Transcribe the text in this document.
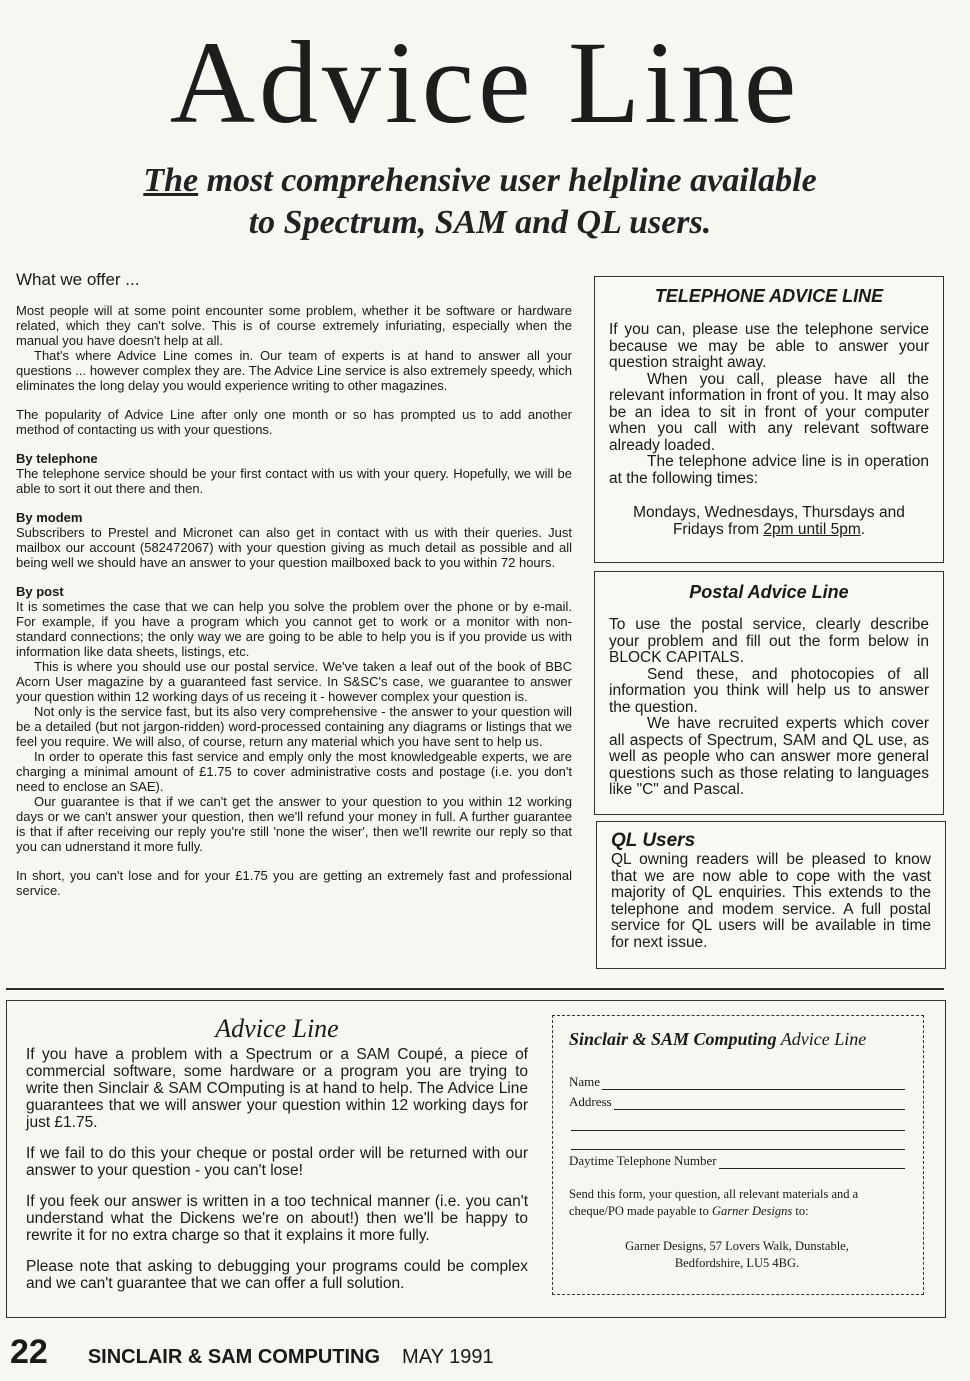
Advice Line
The most comprehensive user helpline available
to Spectrum, SAM and QL users.
What we offer ...

Most people will at some point encounter some problem, whether it be software or hardware related, which they can't solve. This is of course extremely infuriating, especially when the manual you have doesn't help at all.

That's where Advice Line comes in. Our team of experts is at hand to answer all your questions ... however complex they are. The Advice Line service is also extremely speedy, which eliminates the long delay you would experience writing to other magazines.

The popularity of Advice Line after only one month or so has prompted us to add another method of contacting us with your questions.

By telephone

The telephone service should be your first contact with us with your query. Hopefully, we will be able to sort it out there and then.

By modem

Subscribers to Prestel and Micronet can also get in contact with us with their queries. Just mailbox our account (582472067) with your question giving as much detail as possible and all being well we should have an answer to your question mailboxed back to you within 72 hours.

By post

It is sometimes the case that we can help you solve the problem over the phone or by e-mail. For example, if you have a program which you cannot get to work or a monitor with non-standard connections; the only way we are going to be able to help you is if you provide us with information like data sheets, listings, etc.

This is where you should use our postal service. We've taken a leaf out of the book of BBC Acorn User magazine by a guaranteed fast service. In S&SC's case, we guarantee to answer your question within 12 working days of us receing it - however complex your question is.

Not only is the service fast, but its also very comprehensive - the answer to your question will be a detailed (but not jargon-ridden) word-processed containing any diagrams or listings that we feel you require. We will also, of course, return any material which you have sent to help us.

In order to operate this fast service and emply only the most knowledgeable experts, we are charging a minimal amount of £1.75 to cover administrative costs and postage (i.e. you don't need to enclose an SAE).

Our guarantee is that if we can't get the answer to your question to you within 12 working days or we can't answer your question, then we'll refund your money in full. A further guarantee is that if after receiving our reply you're still 'none the wiser', then we'll rewrite our reply so that you can udnerstand it more fully.

In short, you can't lose and for your £1.75 you are getting an extremely fast and professional service.

TELEPHONE ADVICE LINE

If you can, please use the telephone service because we may be able to answer your question straight away.

When you call, please have all the relevant information in front of you. It may also be an idea to sit in front of your computer when you call with any relevant software already loaded.

The telephone advice line is in operation at the following times:

Mondays, Wednesdays, Thursdays and
Fridays from 2pm until 5pm.

Postal Advice Line

To use the postal service, clearly describe your problem and fill out the form below in BLOCK CAPITALS.

Send these, and photocopies of all information you think will help us to answer the question.

We have recruited experts which cover all aspects of Spectrum, SAM and QL use, as well as people who can answer more general questions such as those relating to languages like "C" and Pascal.

QL Users

QL owning readers will be pleased to know that we are now able to cope with the vast majority of QL enquiries. This extends to the telephone and modem service. A full postal service for QL users will be available in time for next issue.

Advice Line

If you have a problem with a Spectrum or a SAM Coupé, a piece of commercial software, some hardware or a program you are trying to write then Sinclair & SAM COmputing is at hand to help. The Advice Line guarantees that we will answer your question within 12 working days for just £1.75.

If we fail to do this your cheque or postal order will be returned with our answer to your question - you can't lose!

If you feek our answer is written in a too technical manner (i.e. you can't understand what the Dickens we're on about!) then we'll be happy to rewrite it for no extra charge so that it explains it more fully.

Please note that asking to debugging your programs could be complex and we can't guarantee that we can offer a full solution.

Sinclair & SAM Computing Advice Line
Name
Address
Daytime Telephone Number
Send this form, your question, all relevant materials and a cheque/PO made payable to Garner Designs to:
Garner Designs, 57 Lovers Walk, Dunstable,
Bedfordshire, LU5 4BG.
22 SINCLAIR & SAM COMPUTING MAY 1991
